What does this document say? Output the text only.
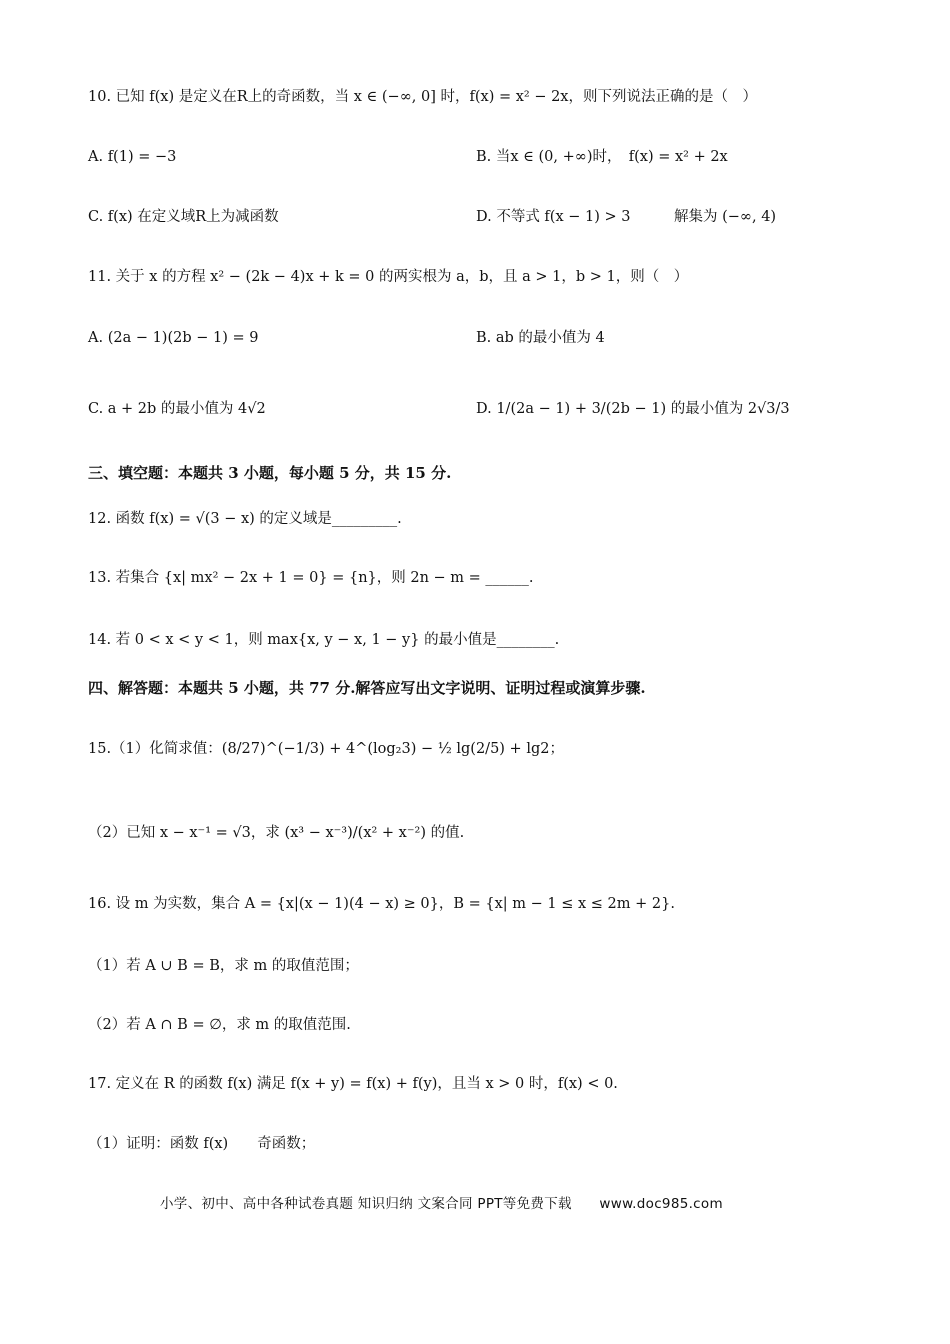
10. 已知 f(x) 是定义在R上的奇函数，当 x ∈ (−∞, 0] 时，f(x) = x² − 2x，则下列说法正确的是（　）
A. f(1) = −3	B. 当x ∈ (0, +∞)时，　f(x) = x² + 2x
C. f(x) 在定义域R上为减函数	D. 不等式 f(x − 1) > 3　　　解集为 (−∞, 4)
11. 关于 x 的方程 x² − (2k − 4)x + k = 0 的两实根为 a，b，且 a > 1，b > 1，则（　）
A. (2a − 1)(2b − 1) = 9	B. ab 的最小值为 4
C. a + 2b 的最小值为 4√2	D. 1/(2a − 1) + 3/(2b − 1) 的最小值为 2√3/3
三、填空题：本题共 3 小题，每小题 5 分，共 15 分.
12. 函数 f(x) = √(3 − x) 的定义域是_________.
13. 若集合 {x| mx² − 2x + 1 = 0} = {n}，则 2n − m = ______.
14. 若 0 < x < y < 1，则 max{x, y − x, 1 − y} 的最小值是________.
四、解答题：本题共 5 小题，共 77 分.解答应写出文字说明、证明过程或演算步骤.
15.（1）化简求值：(8/27)^(−1/3) + 4^(log₂3) − ½ lg(2/5) + lg2；
（2）已知 x − x⁻¹ = √3，求 (x³ − x⁻³)/(x² + x⁻²) 的值.
16. 设 m 为实数，集合 A = {x|(x − 1)(4 − x) ≥ 0}，B = {x| m − 1 ≤ x ≤ 2m + 2}.
（1）若 A ∪ B = B，求 m 的取值范围；
（2）若 A ∩ B = ∅，求 m 的取值范围.
17. 定义在 R 的函数 f(x) 满足 f(x + y) = f(x) + f(y)，且当 x > 0 时，f(x) < 0.
（1）证明：函数 f(x)　　奇函数；
小学、初中、高中各种试卷真题 知识归纳 文案合同 PPT等免费下载　　www.doc985.com
